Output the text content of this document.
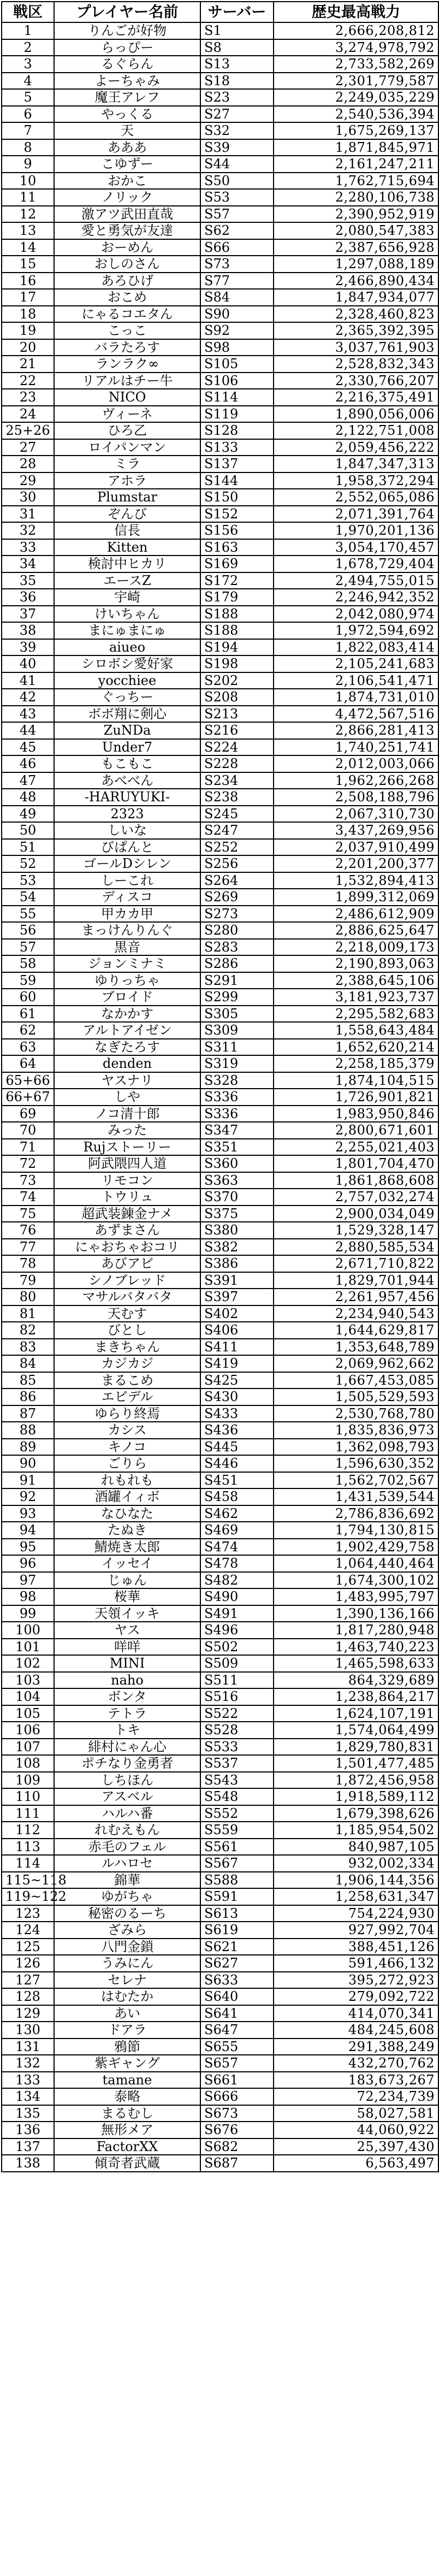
戦区	プレイヤー名前	サーバー	歴史最高戦力
1	りんごが好物	S1	2,666,208,812
2	らっぴー	S8	3,274,978,792
3	るぐらん	S13	2,733,582,269
4	よーちゃみ	S18	2,301,779,587
5	魔王アレフ	S23	2,249,035,229
6	やっくる	S27	2,540,536,394
7	天	S32	1,675,269,137
8	あああ	S39	1,871,845,971
9	こゆずー	S44	2,161,247,211
10	おかこ	S50	1,762,715,694
11	ノリック	S53	2,280,106,738
12	激アツ武田直哉	S57	2,390,952,919
13	愛と勇気が友達	S62	2,080,547,383
14	おーめん	S66	2,387,656,928
15	おしのさん	S73	1,297,088,189
16	あろひげ	S77	2,466,890,434
17	おこめ	S84	1,847,934,077
18	にゃるコエタん	S90	2,328,460,823
19	こっこ	S92	2,365,392,395
20	バラたろす	S98	3,037,761,903
21	ランラク∞	S105	2,528,832,343
22	リアルはチー牛	S106	2,330,766,207
23	NICO	S114	2,216,375,491
24	ヴィーネ	S119	1,890,056,006
25+26	ひろ乙	S128	2,122,751,008
27	ロイパンマン	S133	2,059,456,222
28	ミラ	S137	1,847,347,313
29	アホラ	S144	1,958,372,294
30	Plumstar	S150	2,552,065,086
31	ぞんび	S152	2,071,391,764
32	信長	S156	1,970,201,136
33	Kitten	S163	3,054,170,457
34	検討中ヒカリ	S169	1,678,729,404
35	エースZ	S172	2,494,755,015
36	宇崎	S179	2,246,942,352
37	けいちゃん	S188	2,042,080,974
38	まにゅまにゅ	S188	1,972,594,692
39	aiueo	S194	1,822,083,414
40	シロボシ愛好家	S198	2,105,241,683
41	yocchiee	S202	2,106,541,471
42	ぐっちー	S208	1,874,731,010
43	ボボ翔に剣心	S213	4,472,567,516
44	ZuNDa	S216	2,866,281,413
45	Under7	S224	1,740,251,741
46	もこもこ	S228	2,012,003,066
47	あべべん	S234	1,962,266,268
48	-HARUYUKI-	S238	2,508,188,796
49	2323	S245	2,067,310,730
50	しいな	S247	3,437,269,956
51	びぱんと	S252	2,037,910,499
52	ゴールDシレン	S256	2,201,200,377
53	しーこれ	S264	1,532,894,413
54	ディスコ	S269	1,899,312,069
55	甲カカ甲	S273	2,486,612,909
56	まっけんりんぐ	S280	2,886,625,647
57	黒音	S283	2,218,009,173
58	ジョンミナミ	S286	2,190,893,063
59	ゆりっちゃ	S291	2,388,645,106
60	ブロイド	S299	3,181,923,737
61	なかかす	S305	2,295,582,683
62	アルトアイゼン	S309	1,558,643,484
63	なぎたろす	S311	1,652,620,214
64	denden	S319	2,258,185,379
65+66	ヤスナリ	S328	1,874,104,515
66+67	しや	S336	1,726,901,821
69	ノコ清十郎	S336	1,983,950,846
70	みった	S347	2,800,671,601
71	Rujストーリー	S351	2,255,021,403
72	阿武隈四人道	S360	1,801,704,470
73	リモコン	S363	1,861,868,608
74	トウリュ	S370	2,757,032,274
75	超武装錬金ナメ	S375	2,900,034,049
76	あずまさん	S380	1,529,328,147
77	にゃおちゃおコリ	S382	2,880,585,534
78	あびアビ	S386	2,671,710,822
79	シノブレッド	S391	1,829,701,944
80	マサルバタバタ	S397	2,261,957,456
81	天むす	S402	2,234,940,543
82	びとし	S406	1,644,629,817
83	まきちゃん	S411	1,353,648,789
84	カジカジ	S419	2,069,962,662
85	まるこめ	S425	1,667,453,085
86	エビデル	S430	1,505,529,593
87	ゆらり終焉	S433	2,530,768,780
88	カシス	S436	1,835,836,973
89	キノコ	S445	1,362,098,793
90	ごりら	S446	1,596,630,352
91	れもれも	S451	1,562,702,567
92	酒罐イィボ	S458	1,431,539,544
93	なひなた	S462	2,786,836,692
94	たぬき	S469	1,794,130,815
95	鯖焼き太郎	S474	1,902,429,758
96	イッセイ	S478	1,064,440,464
97	じゅん	S482	1,674,300,102
98	桜華	S490	1,483,995,797
99	天領イッキ	S491	1,390,136,166
100	ヤス	S496	1,817,280,948
101	咩咩	S502	1,463,740,223
102	MINI	S509	1,465,598,633
103	naho	S511	864,329,689
104	ボンタ	S516	1,238,864,217
105	テトラ	S522	1,624,107,191
106	トキ	S528	1,574,064,499
107	緋村にゃん心	S533	1,829,780,831
108	ポチなり金勇者	S537	1,501,477,485
109	しちほん	S543	1,872,456,958
110	アスベル	S548	1,918,589,112
111	ハルハ番	S552	1,679,398,626
112	れむえもん	S559	1,185,954,502
113	赤毛のフェル	S561	840,987,105
114	ルハロセ	S567	932,002,334
115~118	錦華	S588	1,906,144,356
119~122	ゆがちゃ	S591	1,258,631,347
123	秘密のるーち	S613	754,224,930
124	ざみら	S619	927,992,704
125	八門金鎖	S621	388,451,126
126	うみにん	S627	591,466,132
127	セレナ	S633	395,272,923
128	はむたか	S640	279,092,722
129	あい	S641	414,070,341
130	ドアラ	S647	484,245,608
131	鴉節	S655	291,388,249
132	紫ギャング	S657	432,270,762
133	tamane	S661	183,673,267
134	泰略	S666	72,234,739
135	まるむし	S673	58,027,581
136	無形メア	S676	44,060,922
137	FactorXX	S682	25,397,430
138	傾奇者武蔵	S687	6,563,497
